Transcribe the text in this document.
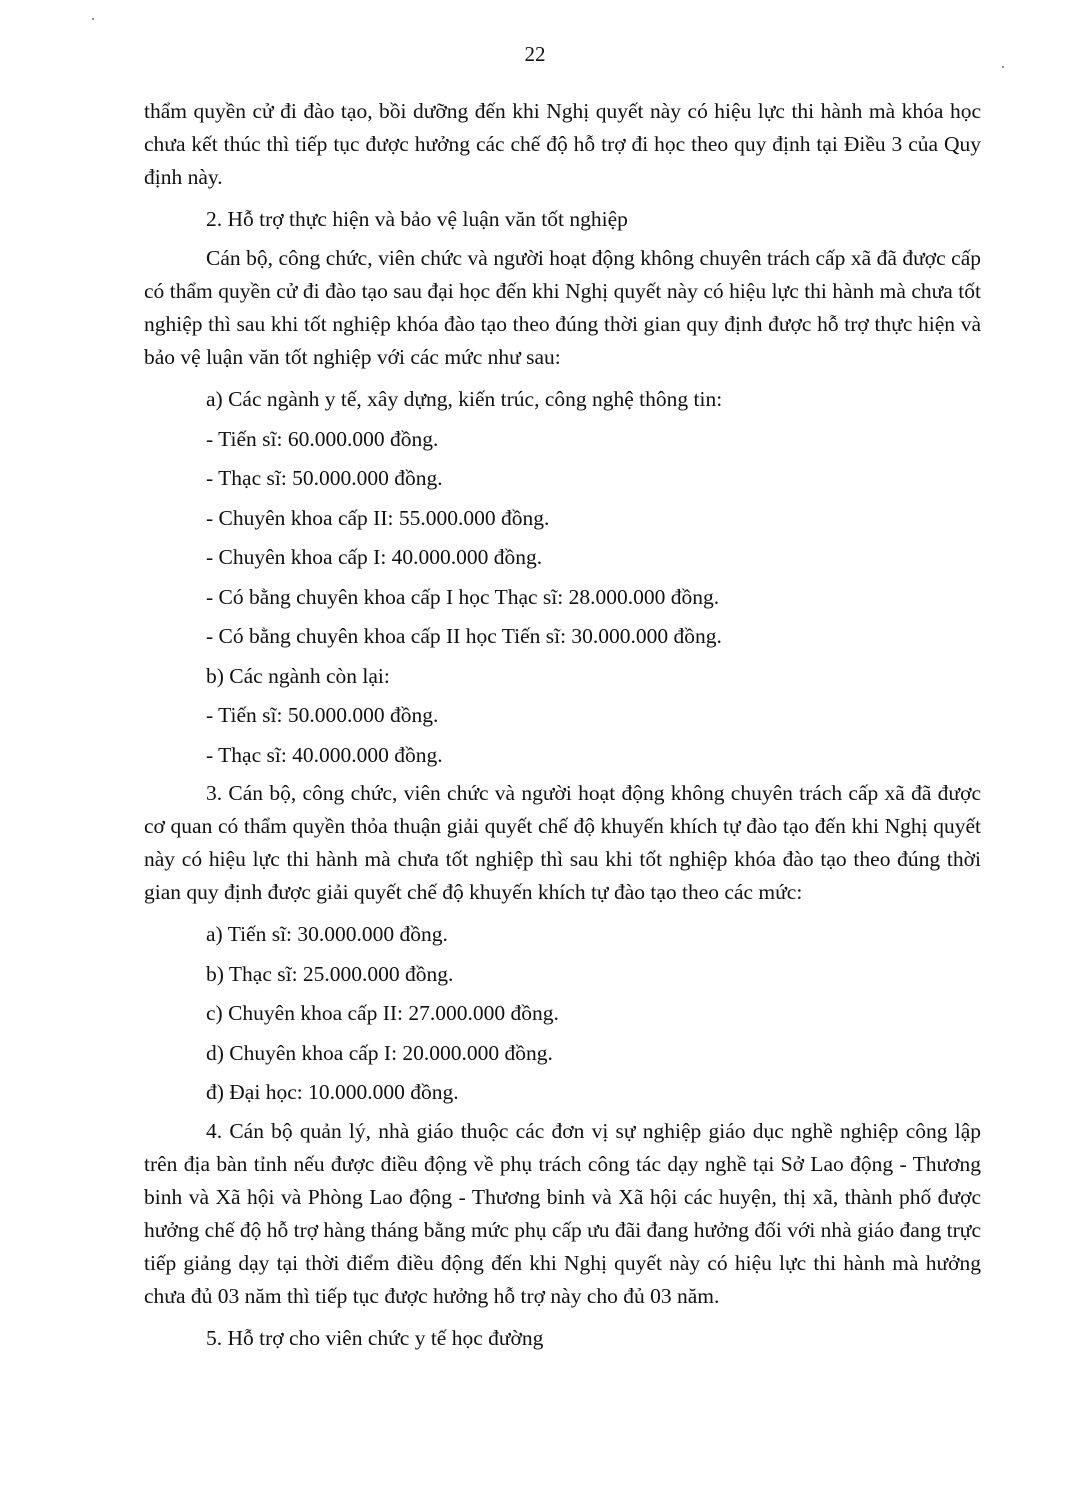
22

thẩm quyền cử đi đào tạo, bồi dưỡng đến khi Nghị quyết này có hiệu lực thi hành mà khóa học chưa kết thúc thì tiếp tục được hưởng các chế độ hỗ trợ đi học theo quy định tại Điều 3 của Quy định này.

2. Hỗ trợ thực hiện và bảo vệ luận văn tốt nghiệp

Cán bộ, công chức, viên chức và người hoạt động không chuyên trách cấp xã đã được cấp có thẩm quyền cử đi đào tạo sau đại học đến khi Nghị quyết này có hiệu lực thi hành mà chưa tốt nghiệp thì sau khi tốt nghiệp khóa đào tạo theo đúng thời gian quy định được hỗ trợ thực hiện và bảo vệ luận văn tốt nghiệp với các mức như sau:

a) Các ngành y tế, xây dựng, kiến trúc, công nghệ thông tin:
- Tiến sĩ: 60.000.000 đồng.
- Thạc sĩ: 50.000.000 đồng.
- Chuyên khoa cấp II: 55.000.000 đồng.
- Chuyên khoa cấp I: 40.000.000 đồng.
- Có bằng chuyên khoa cấp I học Thạc sĩ: 28.000.000 đồng.
- Có bằng chuyên khoa cấp II học Tiến sĩ: 30.000.000 đồng.
b) Các ngành còn lại:
- Tiến sĩ: 50.000.000 đồng.
- Thạc sĩ: 40.000.000 đồng.

3. Cán bộ, công chức, viên chức và người hoạt động không chuyên trách cấp xã đã được cơ quan có thẩm quyền thỏa thuận giải quyết chế độ khuyến khích tự đào tạo đến khi Nghị quyết này có hiệu lực thi hành mà chưa tốt nghiệp thì sau khi tốt nghiệp khóa đào tạo theo đúng thời gian quy định được giải quyết chế độ khuyến khích tự đào tạo theo các mức:

a) Tiến sĩ: 30.000.000 đồng.
b) Thạc sĩ: 25.000.000 đồng.
c) Chuyên khoa cấp II: 27.000.000 đồng.
d) Chuyên khoa cấp I: 20.000.000 đồng.
đ) Đại học: 10.000.000 đồng.

4. Cán bộ quản lý, nhà giáo thuộc các đơn vị sự nghiệp giáo dục nghề nghiệp công lập trên địa bàn tỉnh nếu được điều động về phụ trách công tác dạy nghề tại Sở Lao động - Thương binh và Xã hội và Phòng Lao động - Thương binh và Xã hội các huyện, thị xã, thành phố được hưởng chế độ hỗ trợ hàng tháng bằng mức phụ cấp ưu đãi đang hưởng đối với nhà giáo đang trực tiếp giảng dạy tại thời điểm điều động đến khi Nghị quyết này có hiệu lực thi hành mà hưởng chưa đủ 03 năm thì tiếp tục được hưởng hỗ trợ này cho đủ 03 năm.

5. Hỗ trợ cho viên chức y tế học đường
